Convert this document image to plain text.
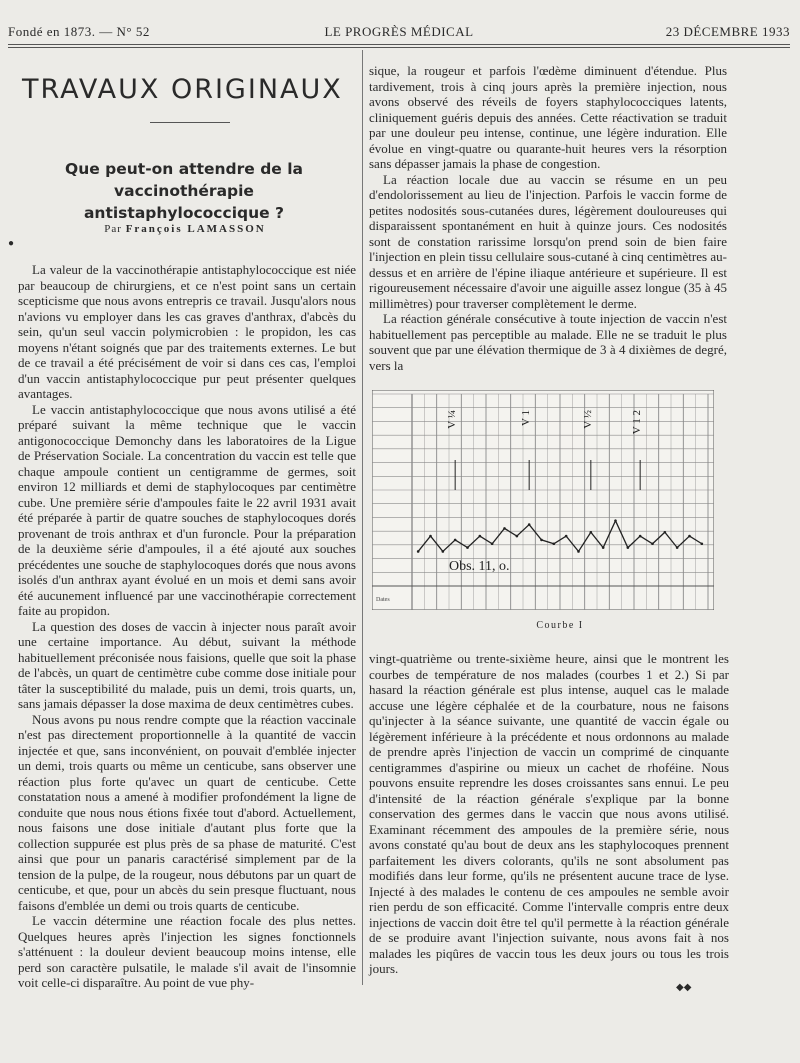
Fondé en 1873. — N° 52	LE PROGRÈS MÉDICAL	23 DÉCEMBRE 1933
TRAVAUX ORIGINAUX
Que peut-on attendre de la
vaccinothérapie antistaphylococcique ?
Par François LAMASSON
●

La valeur de la vaccinothérapie antistaphylococcique est niée par beaucoup de chirurgiens, et ce n'est point sans un certain scepticisme que nous avons entrepris ce travail. Jusqu'alors nous n'avions vu employer dans les cas graves d'anthrax, d'abcès du sein, qu'un seul vaccin polymicrobien : le propidon, les cas moyens n'étant soignés que par des traitements externes. Le but de ce travail a été précisément de voir si dans ces cas, l'emploi d'un vaccin antistaphylococcique pur peut présenter quelques avantages.

Le vaccin antistaphylococcique que nous avons utilisé a été préparé suivant la même technique que le vaccin antigonococcique Demonchy dans les laboratoires de la Ligue de Préservation Sociale. La concentration du vaccin est telle que chaque ampoule contient un centigramme de germes, soit environ 12 milliards et demi de staphylocoques par centimètre cube. Une première série d'ampoules faite le 22 avril 1931 avait été préparée à partir de quatre souches de staphylocoques dorés provenant de trois anthrax et d'un furoncle. Pour la préparation de la deuxième série d'ampoules, il a été ajouté aux souches précédentes une souche de staphylocoques dorés que nous avons isolés d'un anthrax ayant évolué en un mois et demi sans avoir été aucunement influencé par une vaccinothérapie correctement faite au propidon.

La question des doses de vaccin à injecter nous paraît avoir une certaine importance. Au début, suivant la méthode habituellement préconisée nous faisions, quelle que soit la phase de l'abcès, un quart de centimètre cube comme dose initiale pour tâter la susceptibilité du malade, puis un demi, trois quarts, un, sans jamais dépasser la dose maxima de deux centimètres cubes.

Nous avons pu nous rendre compte que la réaction vaccinale n'est pas directement proportionnelle à la quantité de vaccin injectée et que, sans inconvénient, on pouvait d'emblée injecter un demi, trois quarts ou même un centicube, sans observer une réaction plus forte qu'avec un quart de centicube. Cette constatation nous a amené à modifier profondément la ligne de conduite que nous nous étions fixée tout d'abord. Actuellement, nous faisons une dose initiale d'autant plus forte que la collection suppurée est plus près de sa phase de maturité. C'est ainsi que pour un panaris caractérisé simplement par de la tension de la pulpe, de la rougeur, nous débutons par un quart de centicube, et que, pour un abcès du sein presque fluctuant, nous faisons d'emblée un demi ou trois quarts de centicube.

Le vaccin détermine une réaction focale des plus nettes. Quelques heures après l'injection les signes fonctionnels s'atténuent : la douleur devient beaucoup moins intense, elle perd son caractère pulsatile, le malade s'il avait de l'insomnie voit celle-ci disparaître. Au point de vue phy-

sique, la rougeur et parfois l'œdème diminuent d'étendue. Plus tardivement, trois à cinq jours après la première injection, nous avons observé des réveils de foyers staphylococciques latents, cliniquement guéris depuis des années. Cette réactivation se traduit par une douleur peu intense, continue, une légère induration. Elle évolue en vingt-quatre ou quarante-huit heures vers la résorption sans dépasser jamais la phase de congestion.

La réaction locale due au vaccin se résume en un peu d'endolorissement au lieu de l'injection. Parfois le vaccin forme de petites nodosités sous-cutanées dures, légèrement douloureuses qui disparaissent spontanément en huit à quinze jours. Ces nodosités sont de constation rarissime lorsqu'on prend soin de bien faire l'injection en plein tissu cellulaire sous-cutané à cinq centimètres au-dessus et en arrière de l'épine iliaque antérieure et supérieure. Il est rigoureusement nécessaire d'avoir une aiguille assez longue (35 à 45 millimètres) pour traverser complètement le derme.

La réaction générale consécutive à toute injection de vaccin n'est habituellement pas perceptible au malade. Elle ne se traduit le plus souvent que par une élévation thermique de 3 à 4 dixièmes de degré, vers la

Dates
V ¼	V 1	V ½	V 1 2
Obs. 11, o.
Courbe I

vingt-quatrième ou trente-sixième heure, ainsi que le montrent les courbes de température de nos malades (courbes 1 et 2.) Si par hasard la réaction générale est plus intense, auquel cas le malade accuse une légère céphalée et de la courbature, nous ne faisons qu'injecter à la séance suivante, une quantité de vaccin égale ou légèrement inférieure à la précédente et nous ordonnons au malade de prendre après l'injection de vaccin un comprimé de cinquante centigrammes d'aspirine ou mieux un cachet de rhoféine. Nous pouvons ensuite reprendre les doses croissantes sans ennui. Le peu d'intensité de la réaction générale s'explique par la bonne conservation des germes dans le vaccin que nous avons utilisé. Examinant récemment des ampoules de la première série, nous avons constaté qu'au bout de deux ans les staphylocoques prennent parfaitement les divers colorants, qu'ils ne sont absolument pas modifiés dans leur forme, qu'ils ne présentent aucune trace de lyse. Injecté à des malades le contenu de ces ampoules ne semble avoir rien perdu de son efficacité. Comme l'intervalle compris entre deux injections de vaccin doit être tel qu'il permette à la réaction générale de se produire avant l'injection suivante, nous avons fait à nos malades les piqûres de vaccin tous les deux jours ou tous les trois jours.

◆◆
